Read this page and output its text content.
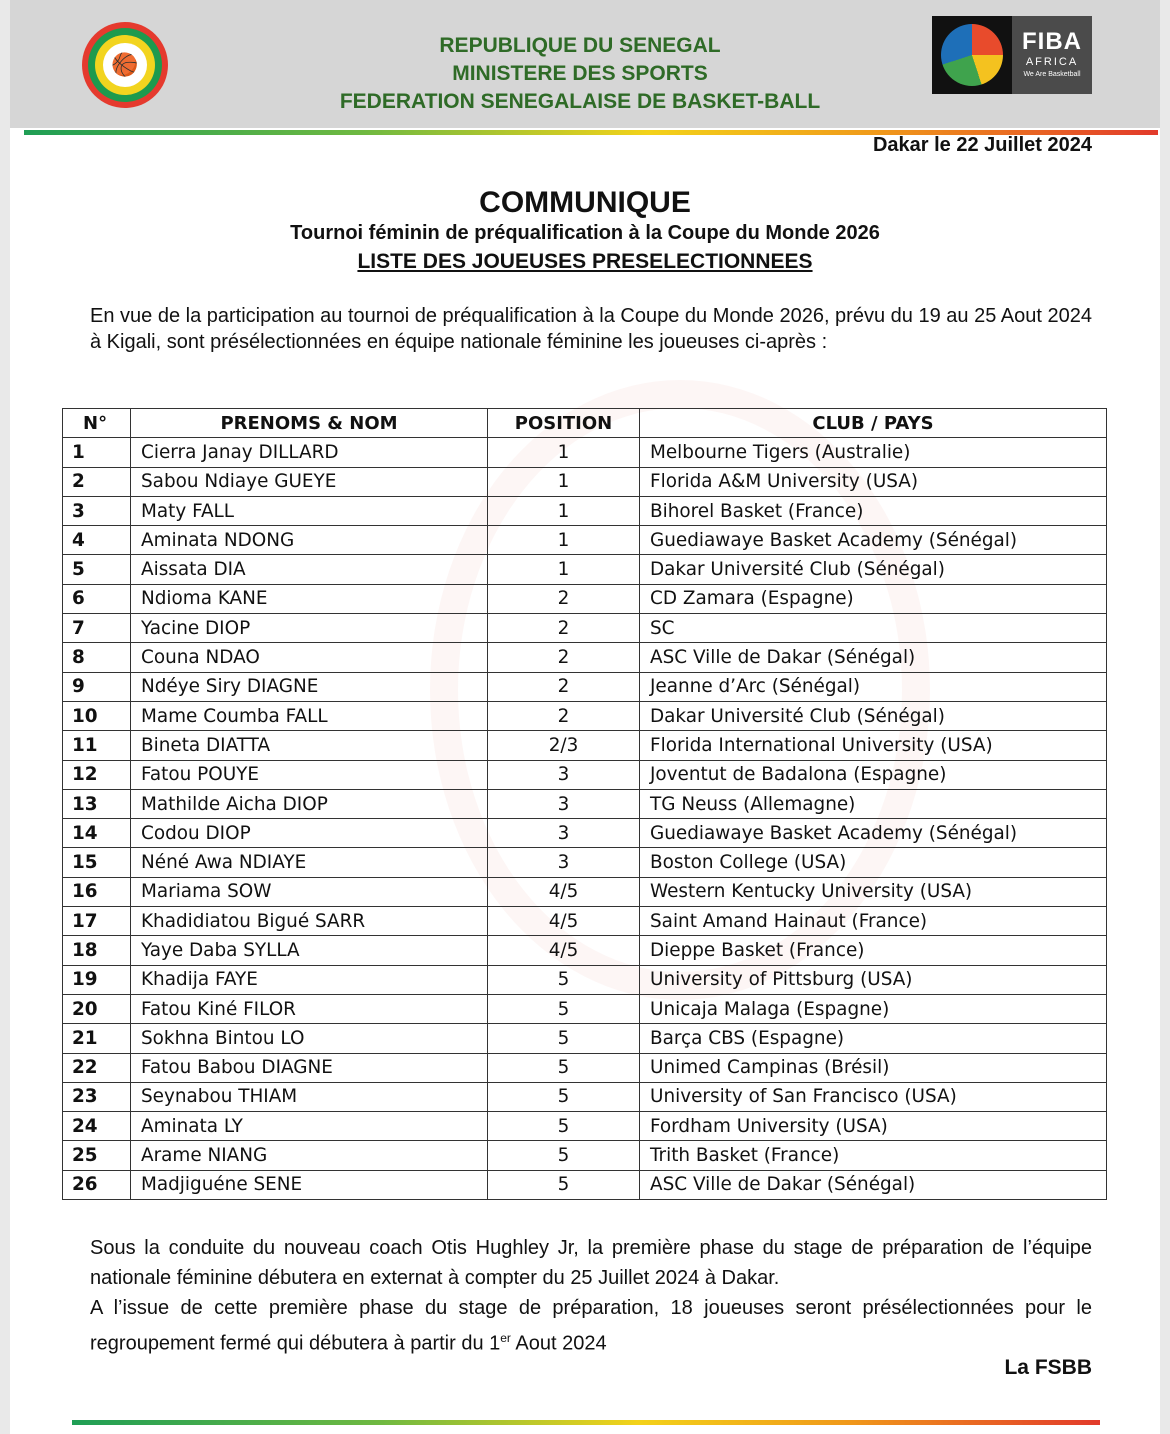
🏀
REPUBLIQUE DU SENEGAL
MINISTERE DES SPORTS
FEDERATION SENEGALAISE DE BASKET-BALL
FIBA
AFRICA
We Are Basketball
Dakar le 22 Juillet 2024
COMMUNIQUE
Tournoi féminin de préqualification à la Coupe du Monde 2026
LISTE DES JOUEUSES PRESELECTIONNEES
En vue de la participation au tournoi de préqualification à la Coupe du Monde 2026, prévu du 19 au 25 Aout 2024 à Kigali, sont présélectionnées en équipe nationale féminine les joueuses ci-après :
N°	PRENOMS & NOM	POSITION	CLUB / PAYS
1	Cierra Janay DILLARD	1	Melbourne Tigers (Australie)
2	Sabou Ndiaye GUEYE	1	Florida A&M University (USA)
3	Maty FALL	1	Bihorel Basket (France)
4	Aminata NDONG	1	Guediawaye Basket Academy (Sénégal)
5	Aissata DIA	1	Dakar Université Club (Sénégal)
6	Ndioma KANE	2	CD Zamara (Espagne)
7	Yacine DIOP	2	SC
8	Couna NDAO	2	ASC Ville de Dakar (Sénégal)
9	Ndéye Siry DIAGNE	2	Jeanne d’Arc (Sénégal)
10	Mame Coumba FALL	2	Dakar Université Club (Sénégal)
11	Bineta DIATTA	2/3	Florida International University (USA)
12	Fatou POUYE	3	Joventut de Badalona (Espagne)
13	Mathilde Aicha DIOP	3	TG Neuss (Allemagne)
14	Codou DIOP	3	Guediawaye Basket Academy (Sénégal)
15	Néné Awa NDIAYE	3	Boston College (USA)
16	Mariama SOW	4/5	Western Kentucky University (USA)
17	Khadidiatou Bigué SARR	4/5	Saint Amand Hainaut (France)
18	Yaye Daba SYLLA	4/5	Dieppe Basket (France)
19	Khadija FAYE	5	University of Pittsburg (USA)
20	Fatou Kiné FILOR	5	Unicaja Malaga (Espagne)
21	Sokhna Bintou LO	5	Barça CBS (Espagne)
22	Fatou Babou DIAGNE	5	Unimed Campinas (Brésil)
23	Seynabou THIAM	5	University of San Francisco (USA)
24	Aminata LY	5	Fordham University (USA)
25	Arame NIANG	5	Trith Basket (France)
26	Madjiguéne SENE	5	ASC Ville de Dakar (Sénégal)
Sous la conduite du nouveau coach Otis Hughley Jr, la première phase du stage de préparation de l’équipe nationale féminine débutera en externat à compter du 25 Juillet 2024 à Dakar.
A l’issue de cette première phase du stage de préparation, 18 joueuses seront présélectionnées pour le regroupement fermé qui débutera à partir du 1er Aout 2024
La FSBB
